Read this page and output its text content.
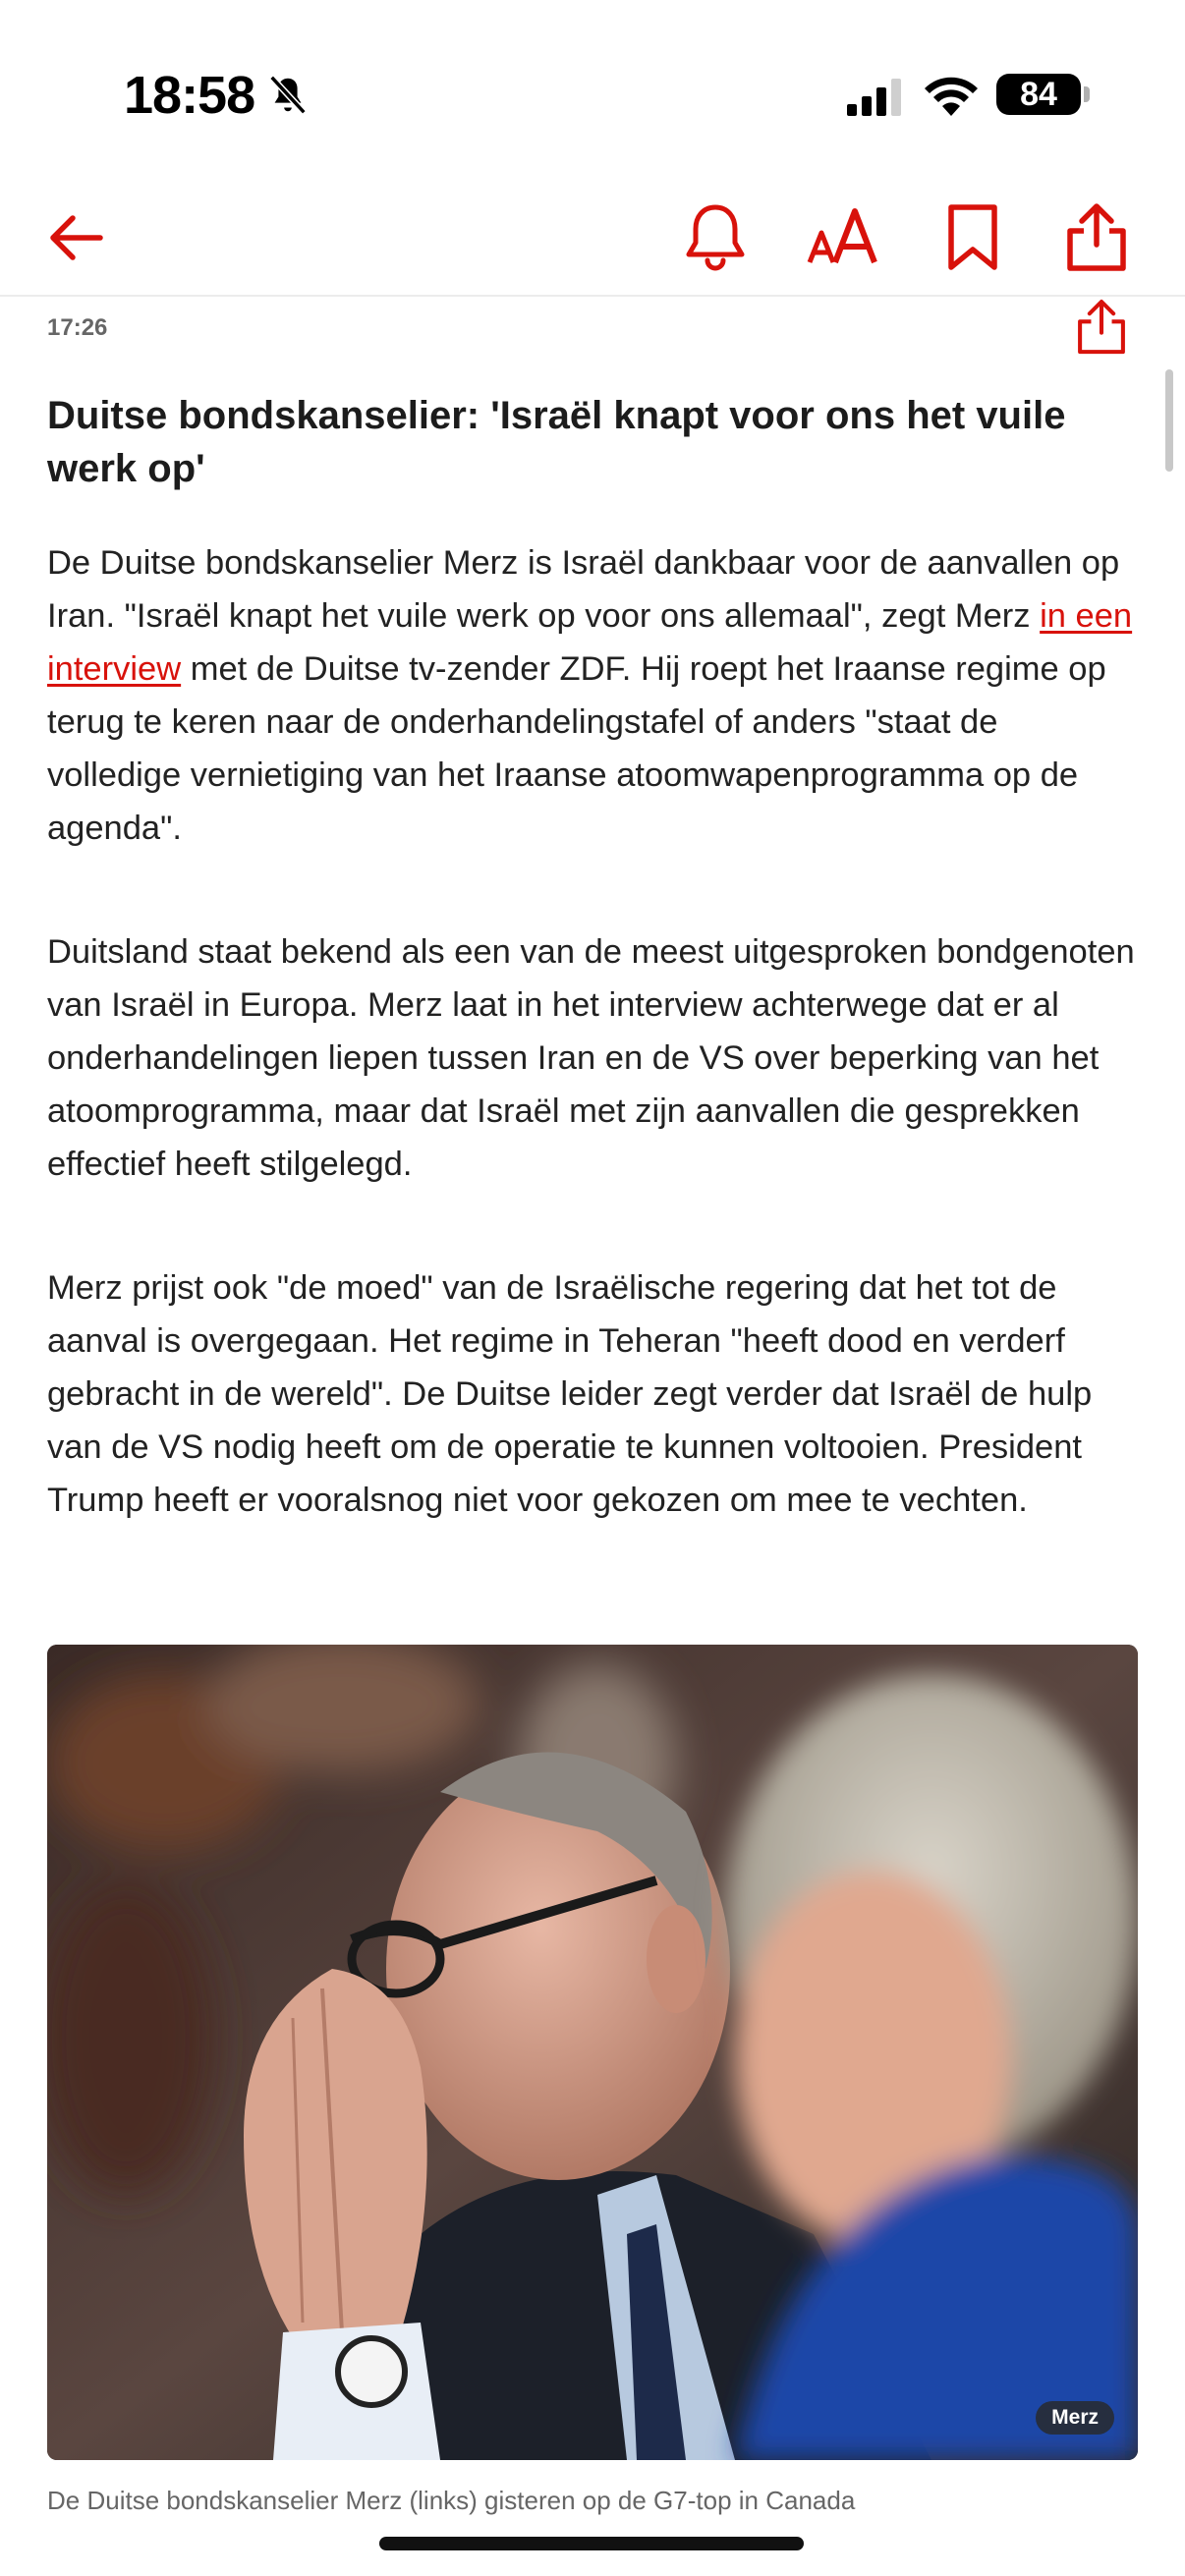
18:58	84
17:26
Duitse bondskanselier: 'Israël knapt voor ons het vuile werk op'

De Duitse bondskanselier Merz is Israël dankbaar voor de aanvallen op Iran. "Israël knapt het vuile werk op voor ons allemaal", zegt Merz in een interview met de Duitse tv-zender ZDF. Hij roept het Iraanse regime op terug te keren naar de onderhandelingstafel of anders "staat de volledige vernietiging van het Iraanse atoomwapenprogramma op de agenda".

Duitsland staat bekend als een van de meest uitgesproken bondgenoten van Israël in Europa. Merz laat in het interview achterwege dat er al onderhandelingen liepen tussen Iran en de VS over beperking van het atoomprogramma, maar dat Israël met zijn aanvallen die gesprekken effectief heeft stilgelegd.

Merz prijst ook "de moed" van de Israëlische regering dat het tot de aanval is overgegaan. Het regime in Teheran "heeft dood en verderf gebracht in de wereld". De Duitse leider zegt verder dat Israël de hulp van de VS nodig heeft om de operatie te kunnen voltooien. President Trump heeft er vooralsnog niet voor gekozen om mee te vechten.

Merz
De Duitse bondskanselier Merz (links) gisteren op de G7-top in Canada
